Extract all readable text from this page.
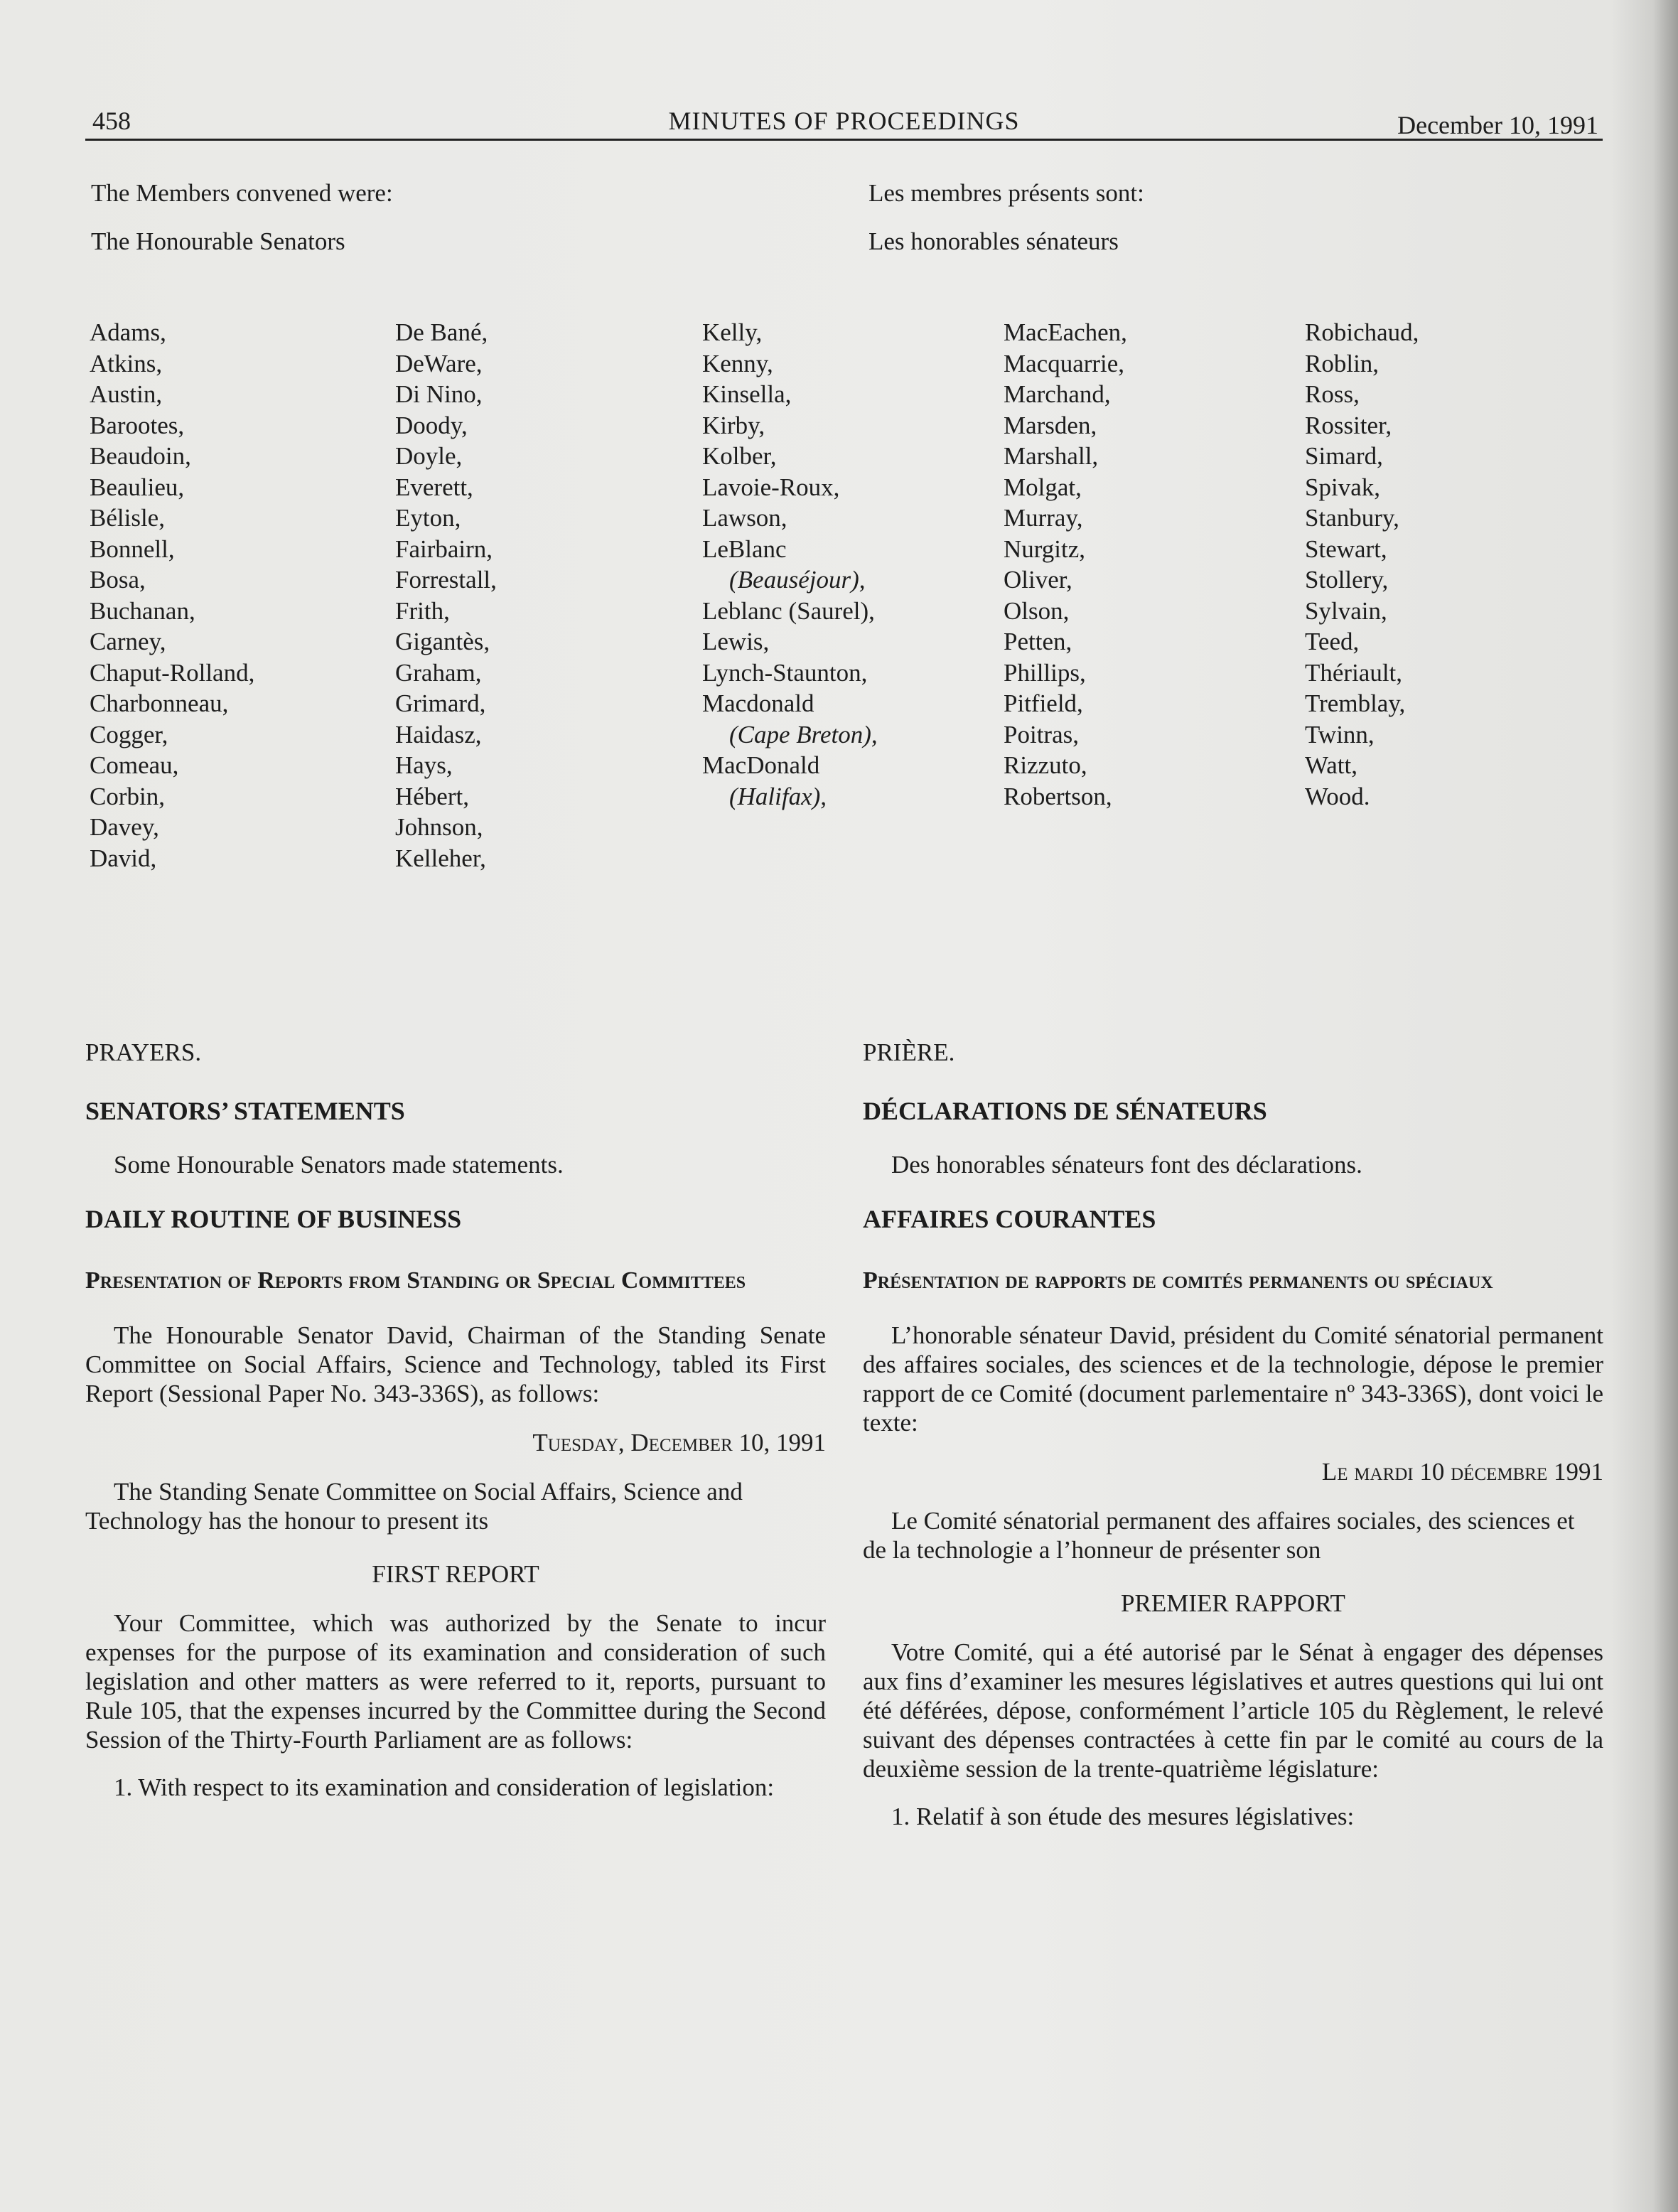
458	MINUTES OF PROCEEDINGS	December 10, 1991
The Members convened were:
The Honourable Senators
Les membres présents sont:
Les honorables sénateurs
Adams,
Atkins,
Austin,
Barootes,
Beaudoin,
Beaulieu,
Bélisle,
Bonnell,
Bosa,
Buchanan,
Carney,
Chaput-Rolland,
Charbonneau,
Cogger,
Comeau,
Corbin,
Davey,
David,
De Bané,
DeWare,
Di Nino,
Doody,
Doyle,
Everett,
Eyton,
Fairbairn,
Forrestall,
Frith,
Gigantès,
Graham,
Grimard,
Haidasz,
Hays,
Hébert,
Johnson,
Kelleher,
Kelly,
Kenny,
Kinsella,
Kirby,
Kolber,
Lavoie-Roux,
Lawson,
LeBlanc
(Beauséjour),
Leblanc (Saurel),
Lewis,
Lynch-Staunton,
Macdonald
(Cape Breton),
MacDonald
(Halifax),
MacEachen,
Macquarrie,
Marchand,
Marsden,
Marshall,
Molgat,
Murray,
Nurgitz,
Oliver,
Olson,
Petten,
Phillips,
Pitfield,
Poitras,
Rizzuto,
Robertson,
Robichaud,
Roblin,
Ross,
Rossiter,
Simard,
Spivak,
Stanbury,
Stewart,
Stollery,
Sylvain,
Teed,
Thériault,
Tremblay,
Twinn,
Watt,
Wood.
PRAYERS.
SENATORS’ STATEMENTS
Some Honourable Senators made statements.
DAILY ROUTINE OF BUSINESS
Presentation of Reports from Standing or Special Committees
The Honourable Senator David, Chairman of the Standing Senate Committee on Social Affairs, Science and Technology, tabled its First Report (Sessional Paper No. 343-336S), as follows:
Tuesday, December 10, 1991
The Standing Senate Committee on Social Affairs, Science and Technology has the honour to present its
FIRST REPORT
Your Committee, which was authorized by the Senate to incur expenses for the purpose of its examination and consideration of such legislation and other matters as were referred to it, reports, pursuant to Rule 105, that the expenses incurred by the Committee during the Second Session of the Thirty-Fourth Parliament are as follows:
1. With respect to its examination and consideration of legislation:
PRIÈRE.
DÉCLARATIONS DE SÉNATEURS
Des honorables sénateurs font des déclarations.
AFFAIRES COURANTES
Présentation de rapports de comités permanents ou spéciaux
L’honorable sénateur David, président du Comité sénatorial permanent des affaires sociales, des sciences et de la technologie, dépose le premier rapport de ce Comité (document parlementaire nº 343-336S), dont voici le texte:
Le mardi 10 décembre 1991
Le Comité sénatorial permanent des affaires sociales, des sciences et de la technologie a l’honneur de présenter son
PREMIER RAPPORT
Votre Comité, qui a été autorisé par le Sénat à engager des dépenses aux fins d’examiner les mesures législatives et autres questions qui lui ont été déférées, dépose, conformément l’article 105 du Règlement, le relevé suivant des dépenses contractées à cette fin par le comité au cours de la deuxième session de la trente-quatrième législature:
1. Relatif à son étude des mesures législatives:
